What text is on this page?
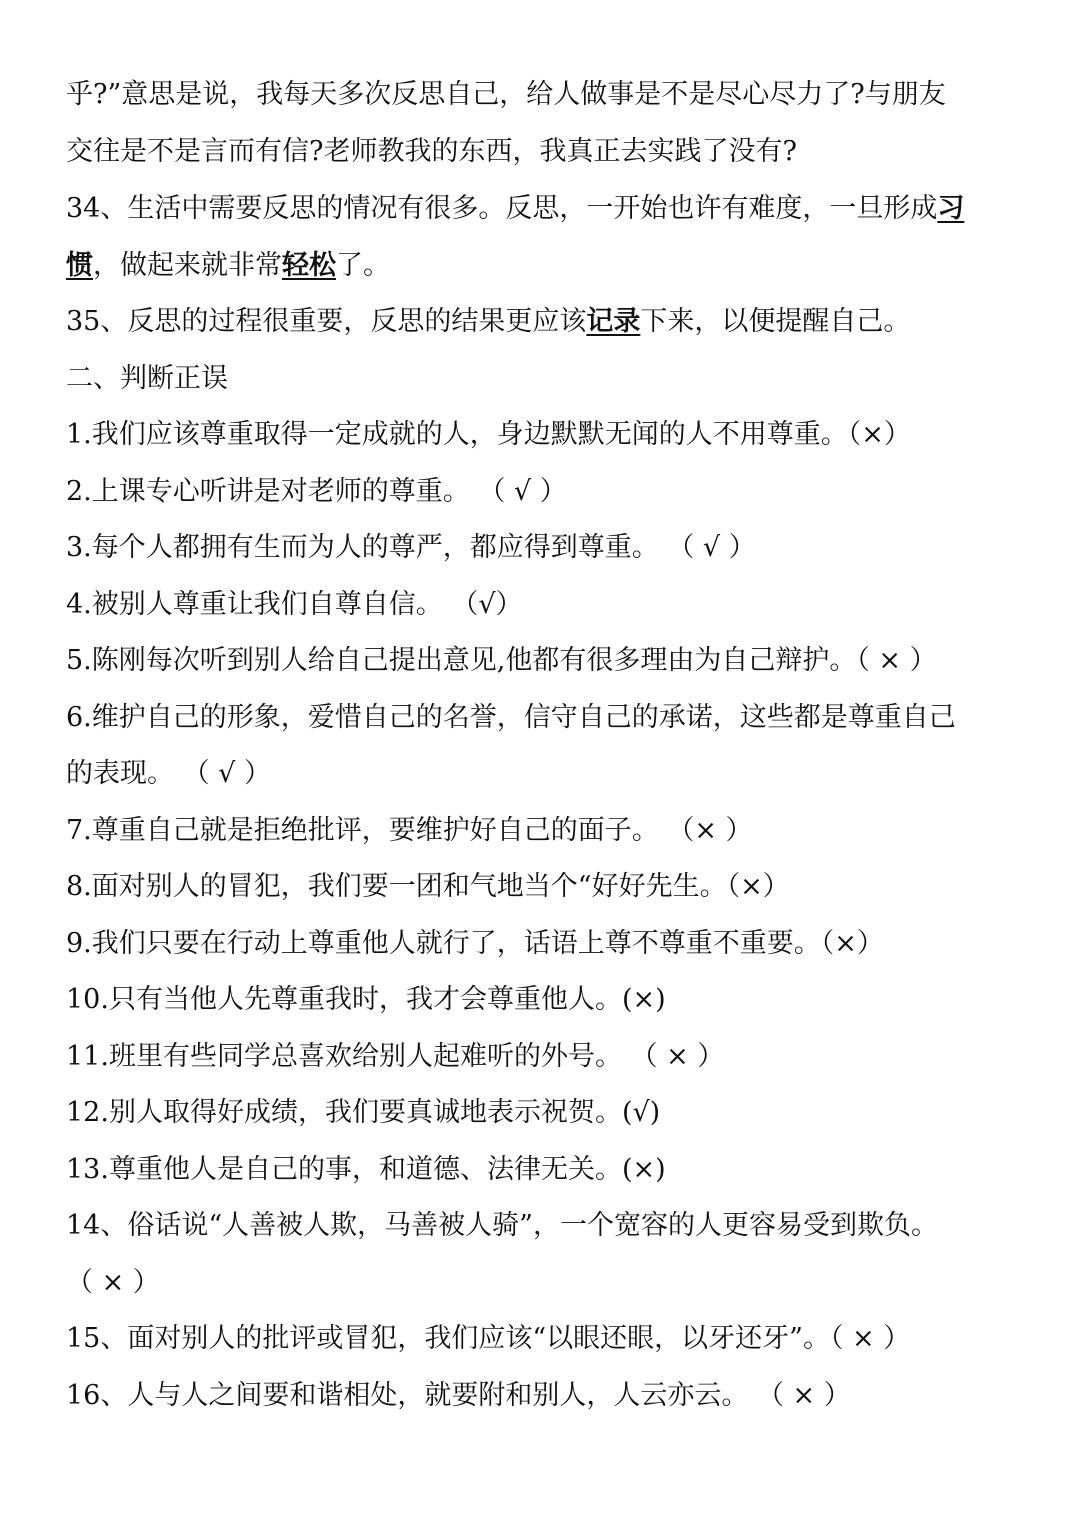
乎?”意思是说，我每天多次反思自己，给人做事是不是尽心尽力了?与朋友
交往是不是言而有信?老师教我的东西，我真正去实践了没有?
34、生活中需要反思的情况有很多。反思，一开始也许有难度，一旦形成习
惯，做起来就非常轻松了。
35、反思的过程很重要，反思的结果更应该记录下来，以便提醒自己。
二、判断正误
1.我们应该尊重取得一定成就的人，身边默默无闻的人不用尊重。（×）
2.上课专心听讲是对老师的尊重。 （ √ ）
3.每个人都拥有生而为人的尊严，都应得到尊重。 （ √ ）
4.被别人尊重让我们自尊自信。 （√）
5.陈刚每次听到别人给自己提出意见,他都有很多理由为自己辩护。（ × ）
6.维护自己的形象，爱惜自己的名誉，信守自己的承诺，这些都是尊重自己
的表现。 （ √ ）
7.尊重自己就是拒绝批评，要维护好自己的面子。 （× ）
8.面对别人的冒犯，我们要一团和气地当个“好好先生。（×）
9.我们只要在行动上尊重他人就行了，话语上尊不尊重不重要。（×）
10.只有当他人先尊重我时，我才会尊重他人。(×)
11.班里有些同学总喜欢给别人起难听的外号。 （ × ）
12.别人取得好成绩，我们要真诚地表示祝贺。(√)
13.尊重他人是自己的事，和道德、法律无关。(×)
14、俗话说“人善被人欺，马善被人骑”，一个宽容的人更容易受到欺负。
（ × ）
15、面对别人的批评或冒犯，我们应该“以眼还眼，以牙还牙”。（ × ）
16、人与人之间要和谐相处，就要附和别人，人云亦云。 （ × ）
